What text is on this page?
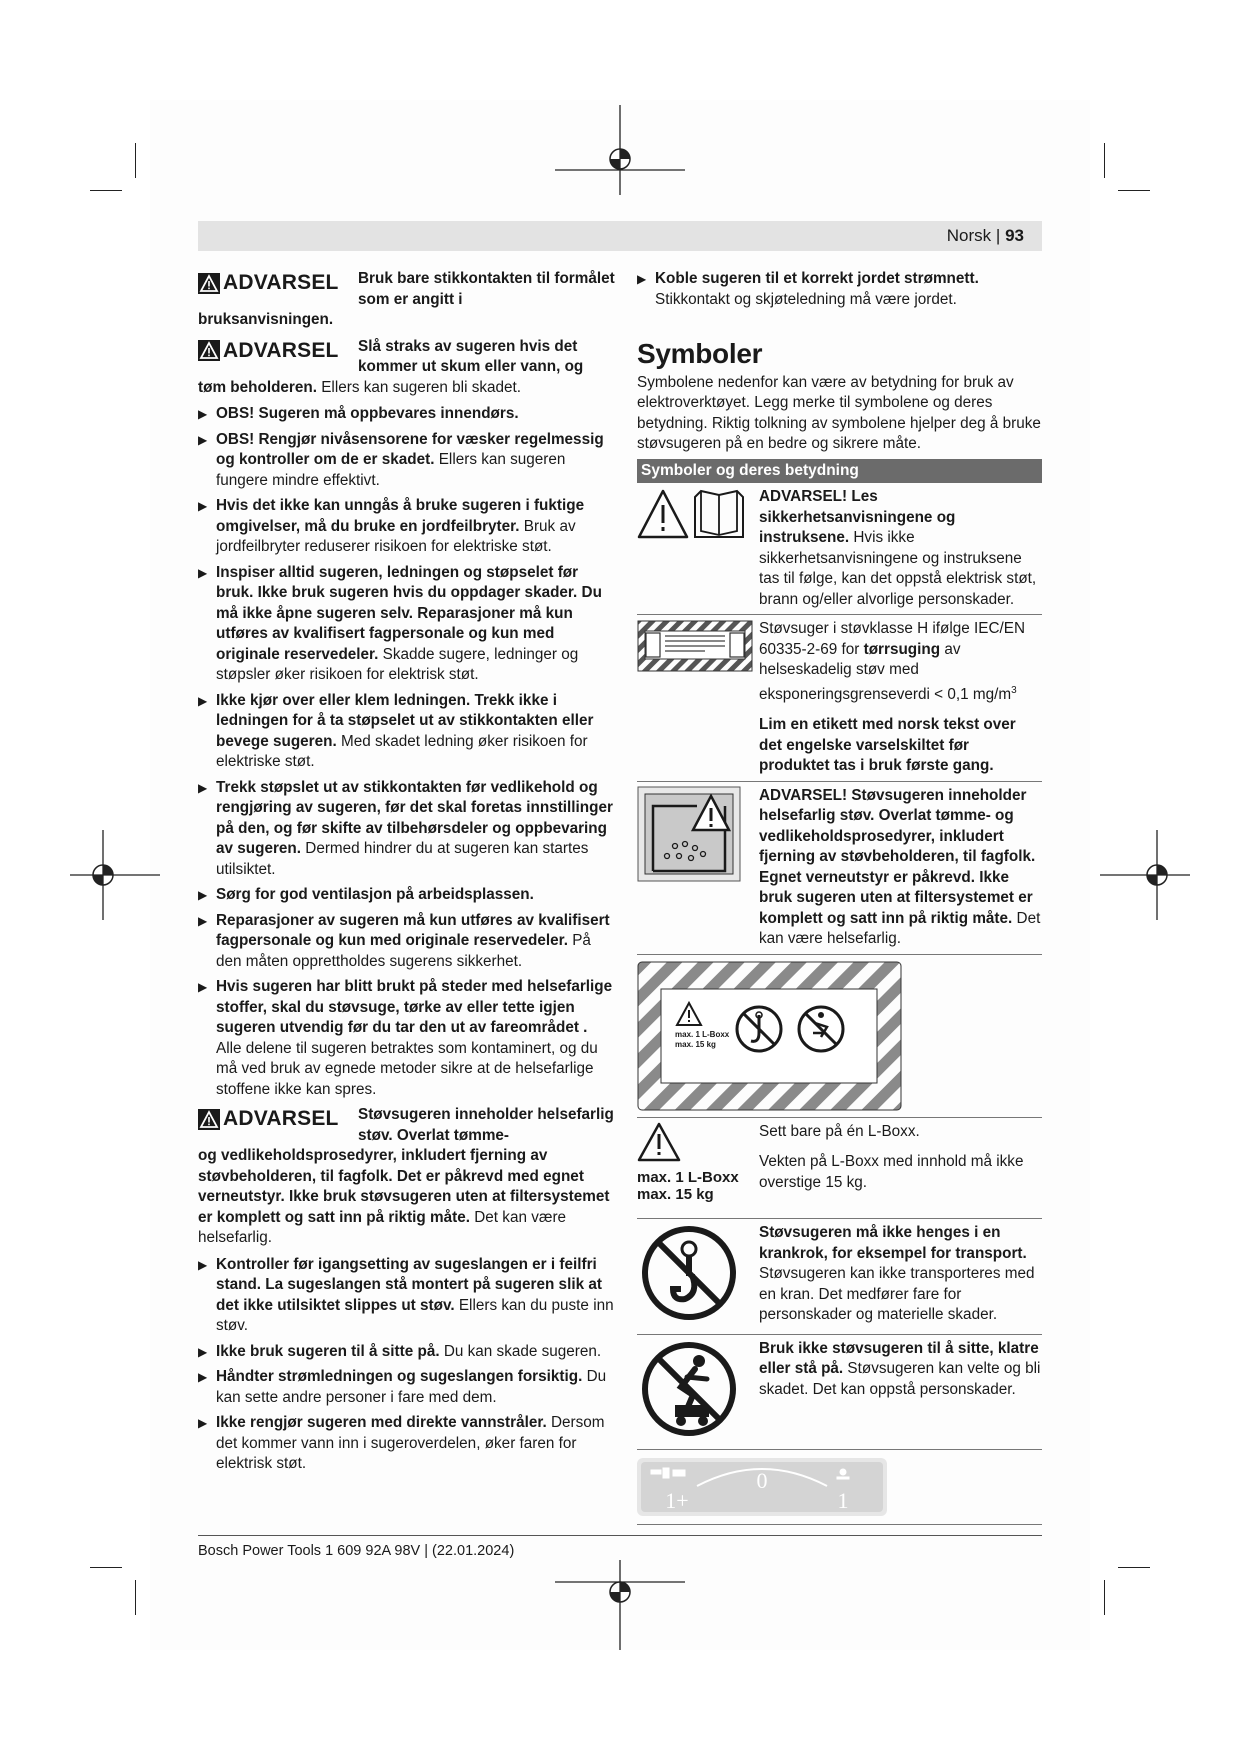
Norsk | 93
ADVARSEL Bruk bare stikkontakten til formålet som er angitt i

bruksanvisningen.

ADVARSEL Slå straks av sugeren hvis det kommer ut skum eller vann, og

tøm beholderen. Ellers kan sugeren bli skadet.

▶ OBS! Sugeren må oppbevares innendørs.
▶ OBS! Rengjør nivåsensorene for væsker regelmessig og kontroller om de er skadet. Ellers kan sugeren fungere mindre effektivt.
▶ Hvis det ikke kan unngås å bruke sugeren i fuktige omgivelser, må du bruke en jordfeilbryter. Bruk av jordfeilbryter reduserer risikoen for elektriske støt.
▶ Inspiser alltid sugeren, ledningen og støpselet før bruk. Ikke bruk sugeren hvis du oppdager skader. Du må ikke åpne sugeren selv. Reparasjoner må kun utføres av kvalifisert fagpersonale og kun med originale reservedeler. Skadde sugere, ledninger og støpsler øker risikoen for elektrisk støt.
▶ Ikke kjør over eller klem ledningen. Trekk ikke i ledningen for å ta støpselet ut av stikkontakten eller bevege sugeren. Med skadet ledning øker risikoen for elektriske støt.
▶ Trekk støpslet ut av stikkontakten før vedlikehold og rengjøring av sugeren, før det skal foretas innstillinger på den, og før skifte av tilbehørsdeler og oppbevaring av sugeren. Dermed hindrer du at sugeren kan startes utilsiktet.
▶ Sørg for god ventilasjon på arbeidsplassen.
▶ Reparasjoner av sugeren må kun utføres av kvalifisert fagpersonale og kun med originale reservedeler. På den måten opprettholdes sugerens sikkerhet.
▶ Hvis sugeren har blitt brukt på steder med helsefarlige stoffer, skal du støvsuge, tørke av eller tette igjen sugeren utvendig før du tar den ut av fareområdet . Alle delene til sugeren betraktes som kontaminert, og du må ved bruk av egnede metoder sikre at de helsefarlige stoffene ikke kan spres.
ADVARSEL Støvsugeren inneholder helsefarlig støv. Overlat tømme-

og vedlikeholdsprosedyrer, inkludert fjerning av støvbeholderen, til fagfolk. Det er påkrevd med egnet verneutstyr. Ikke bruk støvsugeren uten at filtersystemet er komplett og satt inn på riktig måte. Det kan være helsefarlig.

▶ Kontroller før igangsetting av sugeslangen er i feilfri stand. La sugeslangen stå montert på sugeren slik at det ikke utilsiktet slippes ut støv. Ellers kan du puste inn støv.
▶ Ikke bruk sugeren til å sitte på. Du kan skade sugeren.
▶ Håndter strømledningen og sugeslangen forsiktig. Du kan sette andre personer i fare med dem.
▶ Ikke rengjør sugeren med direkte vannstråler. Dersom det kommer vann inn i sugeroverdelen, øker faren for elektrisk støt.
▶ Koble sugeren til et korrekt jordet strømnett.
Stikkontakt og skjøteledning må være jordet.
Symboler

Symbolene nedenfor kan være av betydning for bruk av elektroverktøyet. Legg merke til symbolene og deres betydning. Riktig tolkning av symbolene hjelper deg å bruke støvsugeren på en bedre og sikrere måte.

Symboler og deres betydning
ADVARSEL! Les sikkerhetsanvisningene og instruksene. Hvis ikke sikkerhetsanvisningene og instruksene tas til følge, kan det oppstå elektrisk støt, brann og/eller alvorlige personskader.

Støvsuger i støvklasse H ifølge IEC/EN 60335-2-69 for tørrsuging av helseskadelig støv med eksponeringsgrenseverdi < 0,1 $mg/m^3$

Lim en etikett med norsk tekst over det engelske varselskiltet før produktet tas i bruk første gang.

ADVARSEL! Støvsugeren inneholder helsefarlig støv. Overlat tømme- og vedlikeholdsprosedyrer, inkludert fjerning av støvbeholderen, til fagfolk. Egnet verneutstyr er påkrevd. Ikke bruk sugeren uten at filtersystemet er komplett og satt inn på riktig måte. Det kan være helsefarlig.
max. 1 L-Boxx
max. 15 kg
max. 1 L-Boxx
max. 15 kg

Sett bare på én L-Boxx.

Vekten på L-Boxx med innhold må ikke overstige 15 kg.

Støvsugeren må ikke henges i en krankrok, for eksempel for transport. Støvsugeren kan ikke transporteres med en kran. Det medfører fare for personskader og materielle skader.
Bruk ikke støvsugeren til å sitte, klatre eller stå på. Støvsugeren kan velte og bli skadet. Det kan oppstå personskader.
0
1+	1
Bosch Power Tools 1 609 92A 98V | (22.01.2024)
